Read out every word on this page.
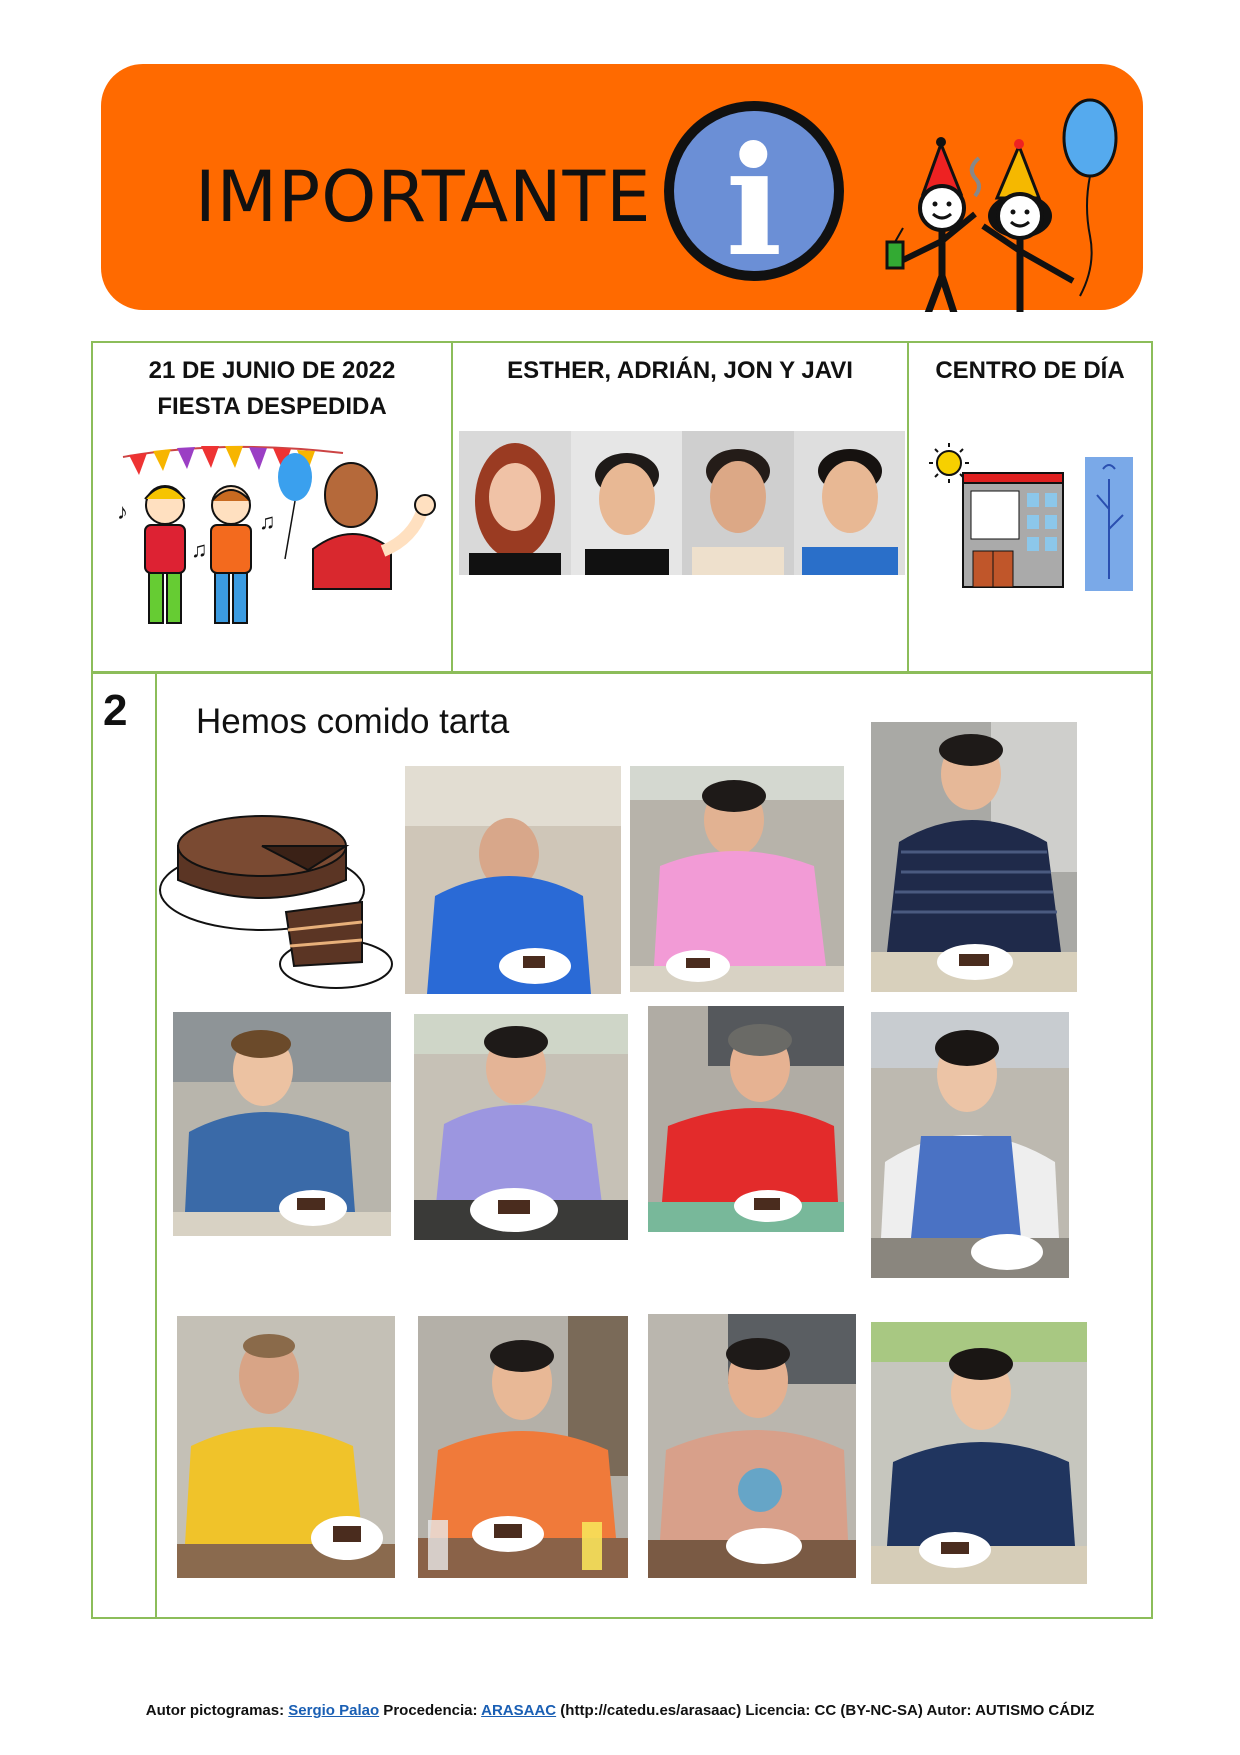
IMPORTANTE i
21 DE JUNIO DE 2022
FIESTA DESPEDIDA
♪
♫
♫
ESTHER, ADRIÁN, JON Y JAVI	CENTRO DE DÍA
2 Hemos comido tarta
Autor pictogramas: Sergio Palao Procedencia: ARASAAC (http://catedu.es/arasaac) Licencia: CC (BY-NC-SA) Autor: AUTISMO CÁDIZ
